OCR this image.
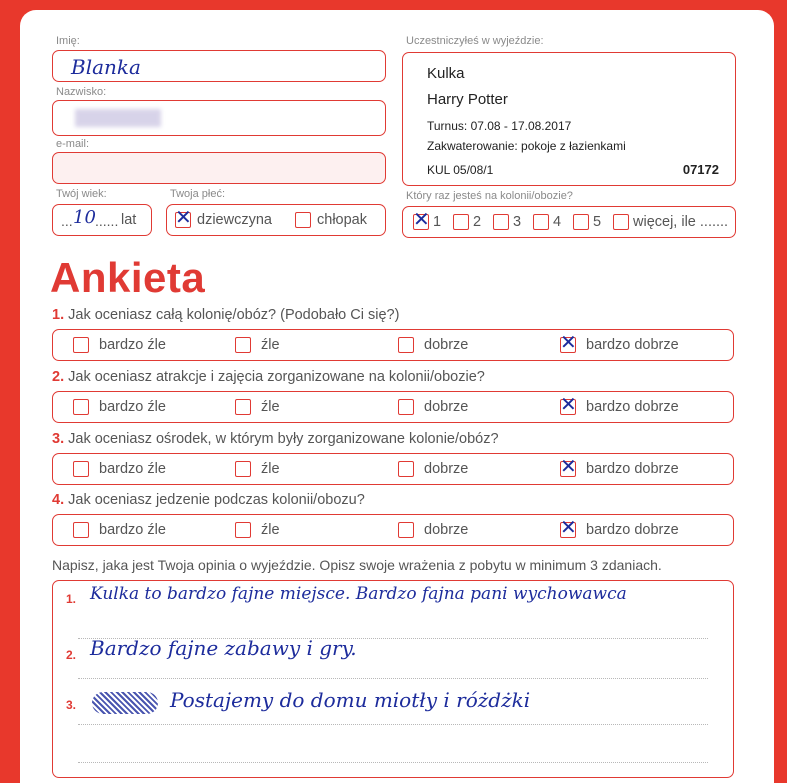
Imię:
Blanka
Nazwisko:
e-mail:
Twój wiek:
... 10 ...... lat
Twoja płeć:
✕ dziewczyna	chłopak
Uczestniczyłeś w wyjeździe:
Kulka
Harry Potter
Turnus: 07.08 - 17.08.2017
Zakwaterowanie: pokoje z łazienkami
KUL 05/08/1	07172
Który raz jesteś na kolonii/obozie?
✕ 1 2 3 4 5 więcej, ile .......
Ankieta
1. Jak oceniasz całą kolonię/obóz? (Podobało Ci się?)
bardzo źle	źle	dobrze	✕ bardzo dobrze
2. Jak oceniasz atrakcje i zajęcia zorganizowane na kolonii/obozie?
bardzo źle	źle	dobrze	✕ bardzo dobrze
3. Jak oceniasz ośrodek, w którym były zorganizowane kolonie/obóz?
bardzo źle	źle	dobrze	✕ bardzo dobrze
4. Jak oceniasz jedzenie podczas kolonii/obozu?
bardzo źle	źle	dobrze	✕ bardzo dobrze
Napisz, jaka jest Twoja opinia o wyjeździe. Opisz swoje wrażenia z pobytu w minimum 3 zdaniach.
1. Kulka to bardzo fajne miejsce. Bardzo fajna pani wychowawca
2. Bardzo fajne zabawy i gry.
3.	Postajemy do domu miotły i różdżki
